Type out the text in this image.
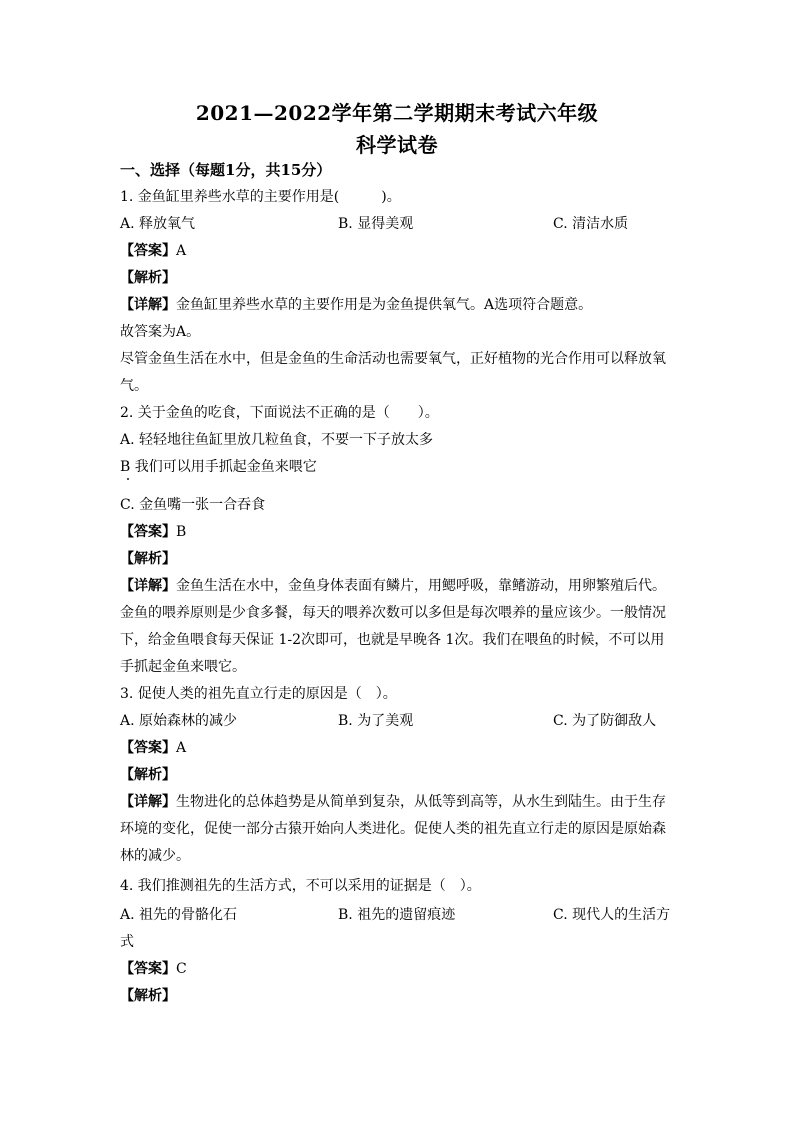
2021—2022学年第二学期期末考试六年级
科学试卷
一、选择（每题1分，共15分）
1. 金鱼缸里养些水草的主要作用是(　　　)。
A. 释放氧气	B. 显得美观	C. 清洁水质
【答案】A
【解析】
【详解】金鱼缸里养些水草的主要作用是为金鱼提供氧气。A选项符合题意。
故答案为A。
尽管金鱼生活在水中，但是金鱼的生命活动也需要氧气，正好植物的光合作用可以释放氧
气。
2. 关于金鱼的吃食，下面说法不正确的是（　　）。
A. 轻轻地往鱼缸里放几粒鱼食，不要一下子放太多
B 我们可以用手抓起金鱼来喂它
C. 金鱼嘴一张一合吞食
【答案】B
【解析】
【详解】金鱼生活在水中，金鱼身体表面有鳞片，用鳃呼吸，靠鳍游动，用卵繁殖后代。
金鱼的喂养原则是少食多餐，每天的喂养次数可以多但是每次喂养的量应该少。一般情况
下，给金鱼喂食每天保证 1-2次即可，也就是早晚各 1次。我们在喂鱼的时候，不可以用
手抓起金鱼来喂它。
3. 促使人类的祖先直立行走的原因是（　）。
A. 原始森林的减少	B. 为了美观	C. 为了防御敌人
【答案】A
【解析】
【详解】生物进化的总体趋势是从简单到复杂，从低等到高等，从水生到陆生。由于生存
环境的变化，促使一部分古猿开始向人类进化。促使人类的祖先直立行走的原因是原始森
林的减少。
4. 我们推测祖先的生活方式，不可以采用的证据是（　）。
A. 祖先的骨骼化石	B. 祖先的遗留痕迹	C. 现代人的生活方
式
【答案】C
【解析】
